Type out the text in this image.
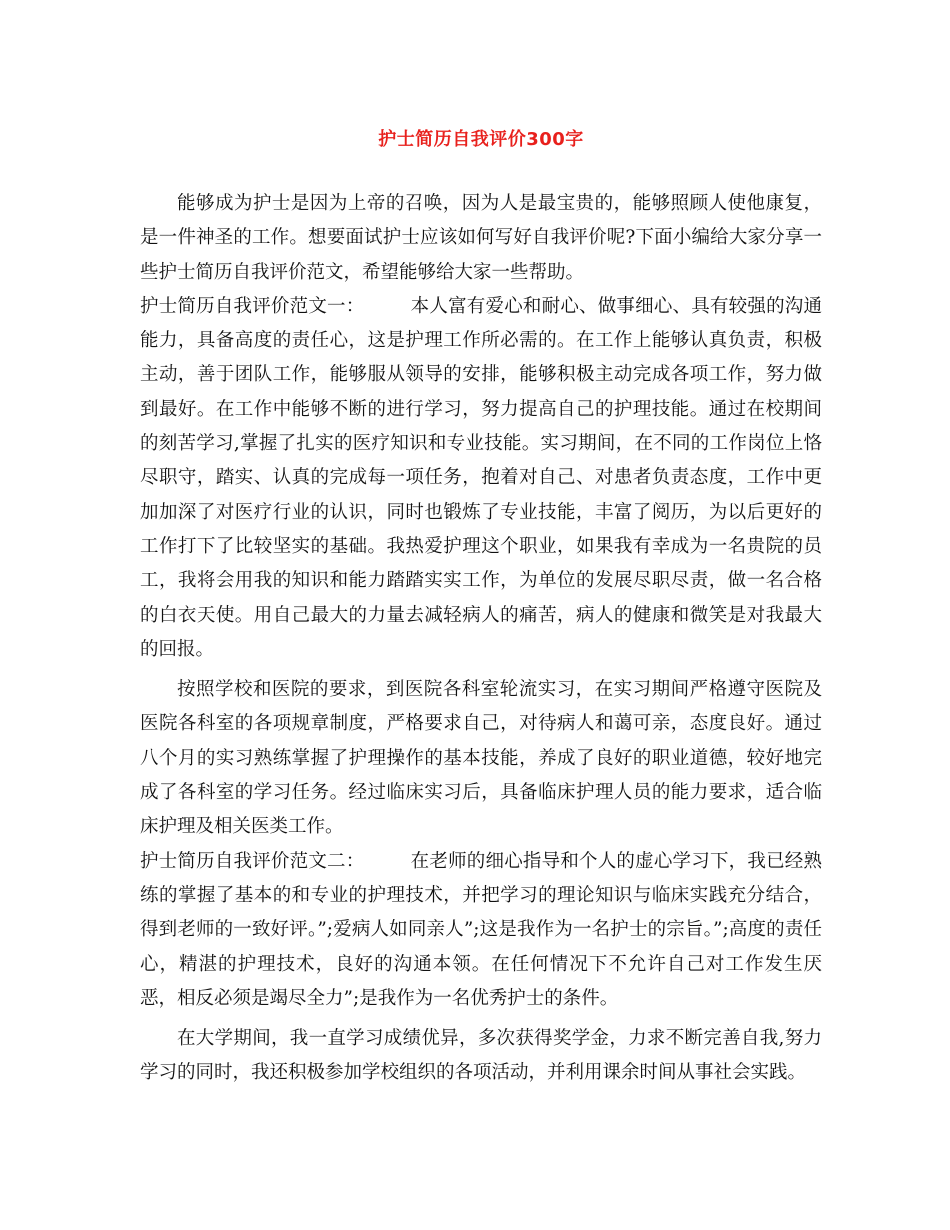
护士简历自我评价300字

能够成为护士是因为上帝的召唤，因为人是最宝贵的，能够照顾人使他康复，是一件神圣的工作。想要面试护士应该如何写好自我评价呢?下面小编给大家分享一些护士简历自我评价范文，希望能够给大家一些帮助。

护士简历自我评价范文一： 本人富有爱心和耐心、做事细心、具有较强的沟通能力，具备高度的责任心，这是护理工作所必需的。在工作上能够认真负责，积极主动，善于团队工作，能够服从领导的安排，能够积极主动完成各项工作，努力做到最好。在工作中能够不断的进行学习，努力提高自己的护理技能。通过在校期间的刻苦学习,掌握了扎实的医疗知识和专业技能。实习期间，在不同的工作岗位上恪尽职守，踏实、认真的完成每一项任务，抱着对自己、对患者负责态度，工作中更加加深了对医疗行业的认识，同时也锻炼了专业技能，丰富了阅历，为以后更好的工作打下了比较坚实的基础。我热爱护理这个职业，如果我有幸成为一名贵院的员工，我将会用我的知识和能力踏踏实实工作，为单位的发展尽职尽责，做一名合格的白衣天使。用自己最大的力量去减轻病人的痛苦，病人的健康和微笑是对我最大的回报。

按照学校和医院的要求，到医院各科室轮流实习，在实习期间严格遵守医院及医院各科室的各项规章制度，严格要求自己，对待病人和蔼可亲，态度良好。通过八个月的实习熟练掌握了护理操作的基本技能，养成了良好的职业道德，较好地完成了各科室的学习任务。经过临床实习后，具备临床护理人员的能力要求，适合临床护理及相关医类工作。

护士简历自我评价范文二： 在老师的细心指导和个人的虚心学习下，我已经熟练的掌握了基本的和专业的护理技术，并把学习的理论知识与临床实践充分结合，得到老师的一致好评。”;爱病人如同亲人”;这是我作为一名护士的宗旨。”;高度的责任心，精湛的护理技术，良好的沟通本领。在任何情况下不允许自己对工作发生厌恶，相反必须是竭尽全力”;是我作为一名优秀护士的条件。

在大学期间，我一直学习成绩优异，多次获得奖学金，力求不断完善自我,努力学习的同时，我还积极参加学校组织的各项活动，并利用课余时间从事社会实践。
